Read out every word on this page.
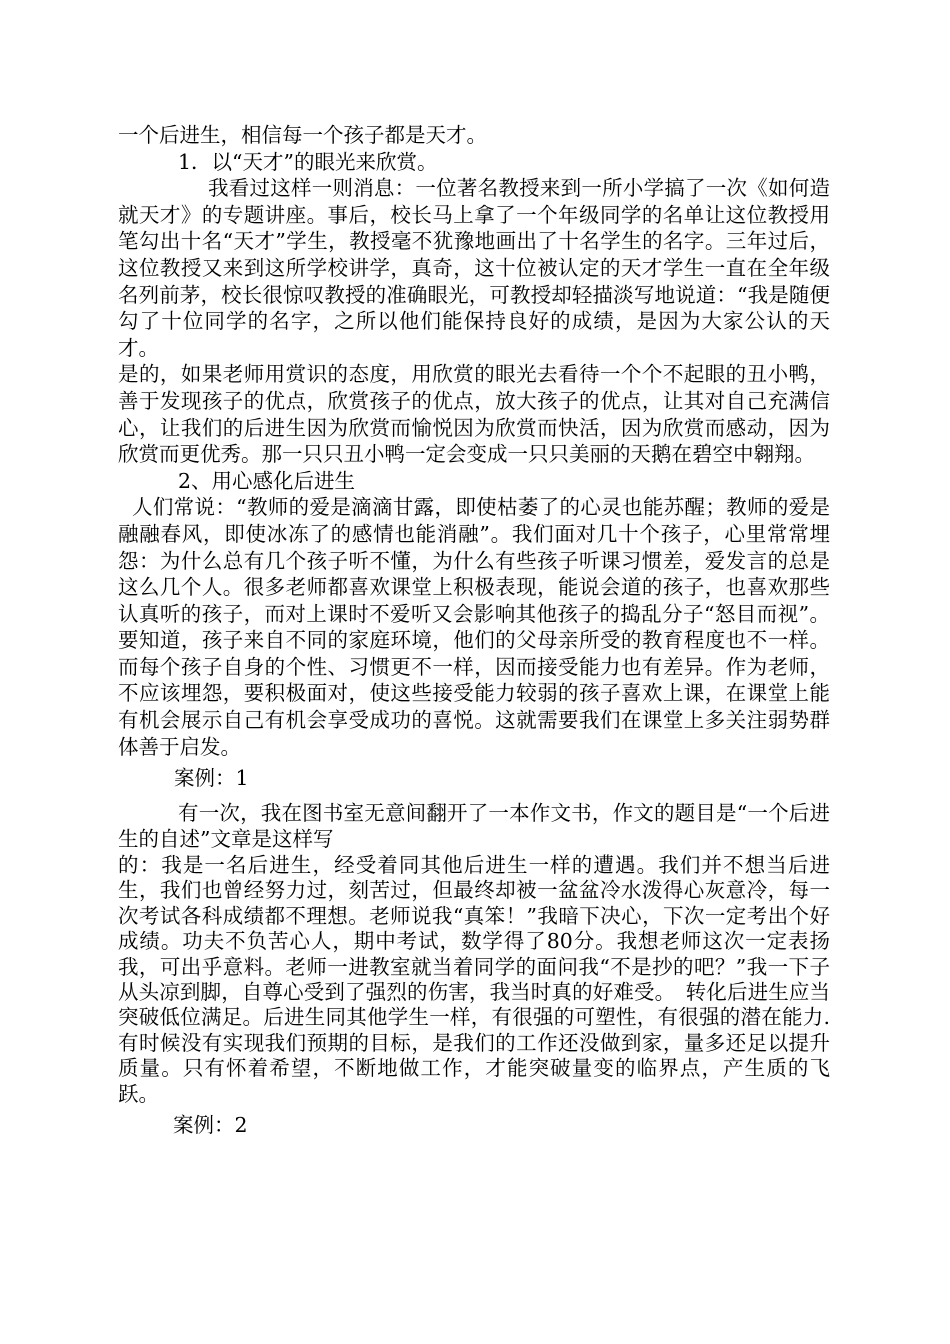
一个后进生，相信每一个孩子都是天才。

1．以“天才”的眼光来欣赏。

我看过这样一则消息：一位著名教授来到一所小学搞了一次《如何造就天才》的专题讲座。事后，校长马上拿了一个年级同学的名单让这位教授用笔勾出十名“天才”学生，教授毫不犹豫地画出了十名学生的名字。三年过后，这位教授又来到这所学校讲学，真奇，这十位被认定的天才学生一直在全年级名列前茅，校长很惊叹教授的准确眼光，可教授却轻描淡写地说道：“我是随便勾了十位同学的名字，之所以他们能保持良好的成绩，是因为大家公认的天才。

是的，如果老师用赏识的态度，用欣赏的眼光去看待一个个不起眼的丑小鸭，善于发现孩子的优点，欣赏孩子的优点，放大孩子的优点，让其对自己充满信心，让我们的后进生因为欣赏而愉悦因为欣赏而快活，因为欣赏而感动，因为欣赏而更优秀。那一只只丑小鸭一定会变成一只只美丽的天鹅在碧空中翱翔。

2、用心感化后进生

人们常说：“教师的爱是滴滴甘露，即使枯萎了的心灵也能苏醒；教师的爱是融融春风，即使冰冻了的感情也能消融”。我们面对几十个孩子，心里常常埋怨：为什么总有几个孩子听不懂，为什么有些孩子听课习惯差，爱发言的总是这么几个人。很多老师都喜欢课堂上积极表现，能说会道的孩子，也喜欢那些认真听的孩子，而对上课时不爱听又会影响其他孩子的捣乱分子“怒目而视”。要知道，孩子来自不同的家庭环境，他们的父母亲所受的教育程度也不一样。而每个孩子自身的个性、习惯更不一样，因而接受能力也有差异。作为老师，不应该埋怨，要积极面对，使这些接受能力较弱的孩子喜欢上课，在课堂上能有机会展示自己有机会享受成功的喜悦。这就需要我们在课堂上多关注弱势群体善于启发。

案例：1

有一次，我在图书室无意间翻开了一本作文书，作文的题目是“一个后进生的自述”文章是这样写

的：我是一名后进生，经受着同其他后进生一样的遭遇。我们并不想当后进生，我们也曾经努力过，刻苦过，但最终却被一盆盆冷水泼得心灰意冷，每一次考试各科成绩都不理想。老师说我“真笨！”我暗下决心，下次一定考出个好成绩。功夫不负苦心人，期中考试，数学得了80分。我想老师这次一定表扬我，可出乎意料。老师一进教室就当着同学的面问我“不是抄的吧？”我一下子从头凉到脚，自尊心受到了强烈的伤害，我当时真的好难受。　转化后进生应当突破低位满足。后进生同其他学生一样，有很强的可塑性，有很强的潜在能力.有时候没有实现我们预期的目标，是我们的工作还没做到家，量多还足以提升质量。只有怀着希望，不断地做工作，才能突破量变的临界点，产生质的飞跃。

案例：2
